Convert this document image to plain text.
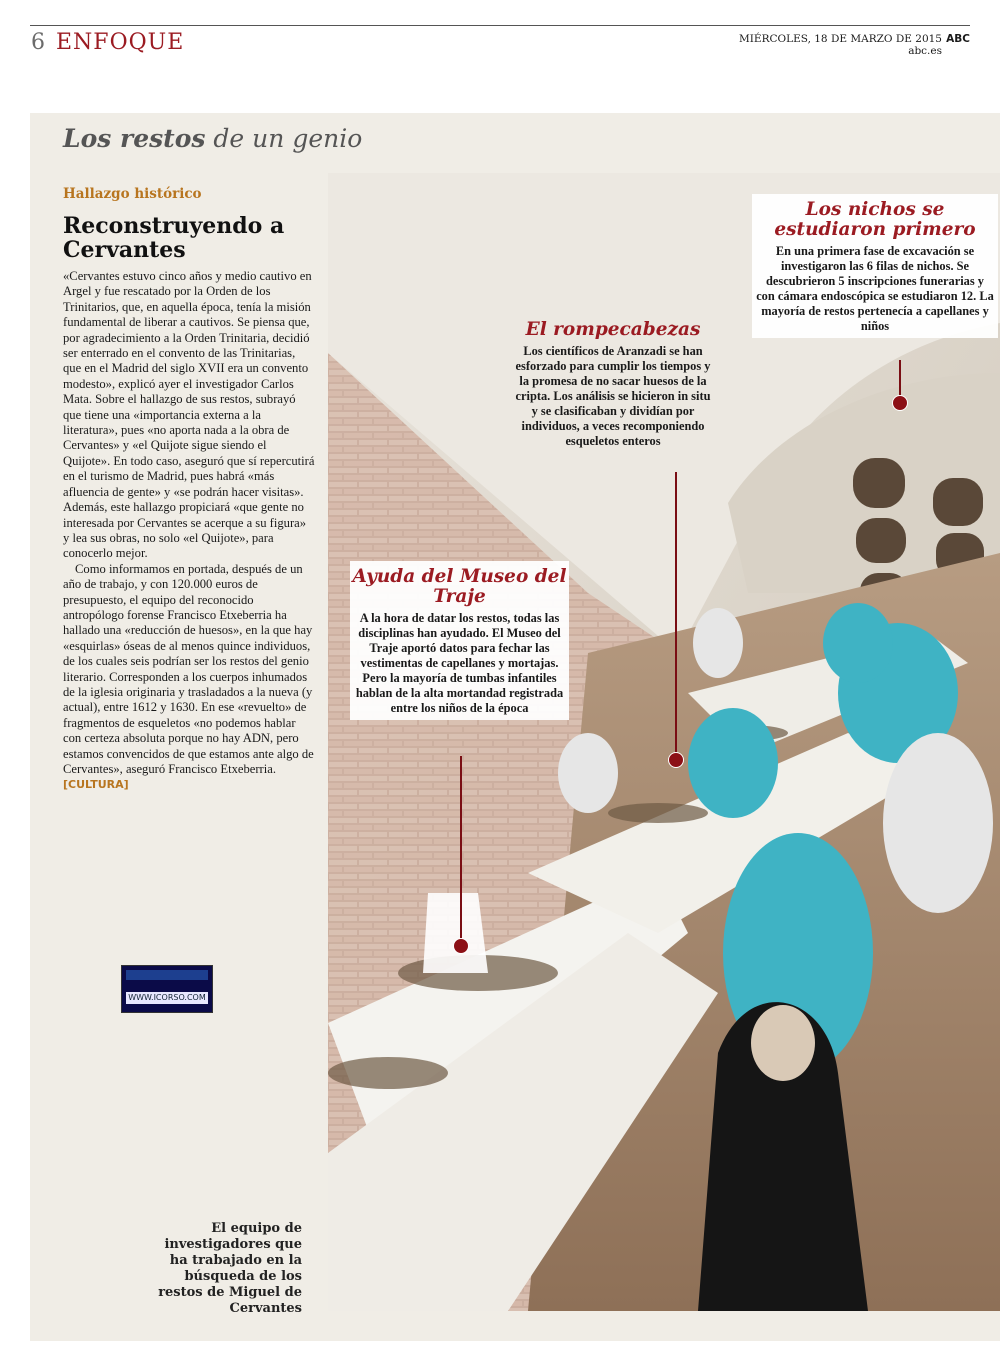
6 ENFOQUE	MIÉRCOLES, 18 DE MARZO DE 2015
abc.es
ABC
Los restos de un genio
Hallazgo histórico
Reconstruyendo a Cervantes

«Cervantes estuvo cinco años y medio cautivo en Argel y fue rescatado por la Orden de los Trinitarios, que, en aquella época, tenía la misión fundamental de liberar a cautivos. Se piensa que, por agradecimiento a la Orden Trinitaria, decidió ser enterrado en el convento de las Trinitarias, que en el Madrid del siglo XVII era un convento modesto», explicó ayer el investigador Carlos Mata. Sobre el hallazgo de sus restos, subrayó que tiene una «importancia externa a la literatura», pues «no aporta nada a la obra de Cervantes» y «el Quijote sigue siendo el Quijote». En todo caso, aseguró que sí repercutirá en el turismo de Madrid, pues habrá «más afluencia de gente» y «se podrán hacer visitas». Además, este hallazgo propiciará «que gente no interesada por Cervantes se acerque a su figura» y lea sus obras, no solo «el Quijote», para conocerlo mejor.

Como informamos en portada, después de un año de trabajo, y con 120.000 euros de presupuesto, el equipo del reconocido antropólogo forense Francisco Etxeberria ha hallado una «reducción de huesos», en la que hay «esquirlas» óseas de al menos quince individuos, de los cuales seis podrían ser los restos del genio literario. Corresponden a los cuerpos inhumados de la iglesia originaria y trasladados a la nueva (y actual), entre 1612 y 1630. En ese «revuelto» de fragmentos de esqueletos «no podemos hablar con certeza absoluta porque no hay ADN, pero estamos convencidos de que estamos ante algo de Cervantes», aseguró Francisco Etxeberria. [CULTURA]

WWW.ICORSO.COM
El equipo de investigadores que ha trabajado en la búsqueda de los restos de Miguel de Cervantes
Los nichos se estudiaron primero
En una primera fase de excavación se investigaron las 6 filas de nichos. Se descubrieron 5 inscripciones funerarias y con cámara endoscópica se estudiaron 12. La mayoría de restos pertenecía a capellanes y niños
El rompecabezas
Los científicos de Aranzadi se han esforzado para cumplir los tiempos y la promesa de no sacar huesos de la cripta. Los análisis se hicieron in situ y se clasificaban y dividían por individuos, a veces recomponiendo esqueletos enteros
Ayuda del Museo del Traje
A la hora de datar los restos, todas las disciplinas han ayudado. El Museo del Traje aportó datos para fechar las vestimentas de capellanes y mortajas. Pero la mayoría de tumbas infantiles hablan de la alta mortandad registrada entre los niños de la época
